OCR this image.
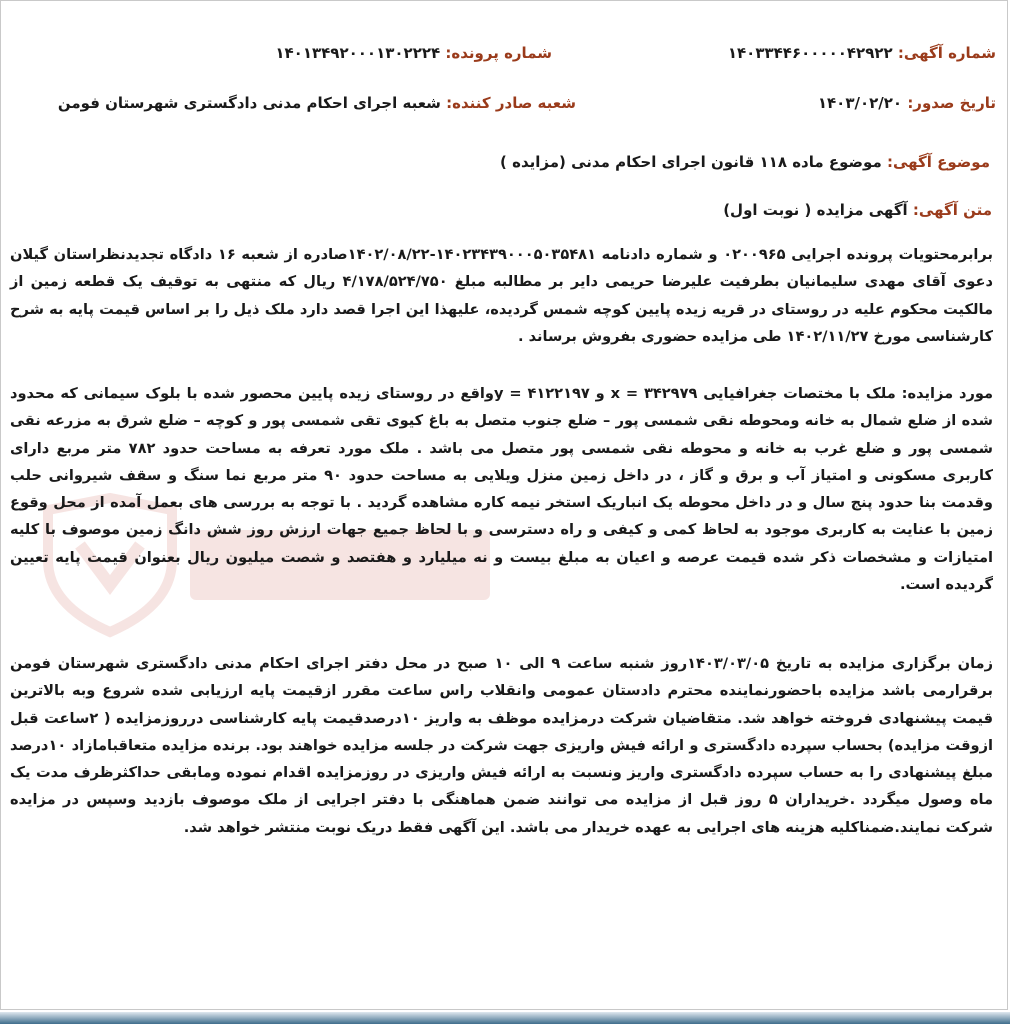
شماره آگهی: ۱۴۰۳۳۴۴۶۰۰۰۰۰۴۲۹۲۲
شماره پرونده: ۱۴۰۱۳۴۹۲۰۰۰۱۳۰۲۲۲۴
تاریخ صدور: ۱۴۰۳/۰۲/۲۰
شعبه صادر کننده: شعبه اجرای احکام مدنی دادگستری شهرستان فومن
موضوع آگهی: موضوع ماده ۱۱۸ قانون اجرای احکام مدنی (مزایده )
متن آگهی: آگهی مزایده ( نوبت اول)

برابرمحتویات پرونده اجرایی ۰۲۰۰۹۶۵ و شماره دادنامه ۱۴۰۲۳۴۳۹۰۰۰۵۰۳۵۴۸۱-۱۴۰۲/۰۸/۲۲صادره از شعبه ۱۶ دادگاه تجدیدنظراستان گیلان دعوی آقای مهدی سلیمانیان بطرفیت علیرضا حریمی دایر بر مطالبه مبلغ ۴/۱۷۸/۵۲۴/۷۵۰ ریال که منتهی به توقیف یک قطعه زمین از مالکیت محکوم علیه در روستای در قریه زیده پایین کوچه شمس گردیده، علیهذا این اجرا قصد دارد ملک ذیل را بر اساس قیمت پایه به شرح کارشناسی مورخ ۱۴۰۲/۱۱/۲۷ طی مزایده حضوری بفروش برساند .

مورد مزایده: ملک با مختصات جغرافیایی ۳۴۲۹۷۹ = x و ۴۱۲۲۱۹۷ = yواقع در روستای زیده پایین محصور شده با بلوک سیمانی که محدود شده از ضلع شمال به خانه ومحوطه نقی شمسی پور – ضلع جنوب متصل به باغ کیوی تقی شمسی پور و کوچه – ضلع شرق به مزرعه نقی شمسی پور و ضلع غرب به خانه و محوطه نقی شمسی پور متصل می باشد . ملک مورد تعرفه به مساحت حدود ۷۸۲ متر مربع دارای کاربری مسکونی و امتیاز آب و برق و گاز ، در داخل زمین منزل ویلایی به مساحت حدود ۹۰ متر مربع نما سنگ و سقف شیروانی حلب وقدمت بنا حدود پنج سال و در داخل محوطه یک انباریک استخر نیمه کاره مشاهده گردید . با توجه به بررسی های بعمل آمده از محل وقوع زمین با عنایت به کاربری موجود به لحاظ کمی و کیفی و راه دسترسی و با لحاظ جمیع جهات ارزش روز شش دانگ زمین موصوف با کلیه امتیازات و مشخصات ذکر شده قیمت عرصه و اعیان به مبلغ بیست و نه میلیارد و هفتصد و شصت میلیون ریال بعنوان قیمت پایه تعیین گردیده است.

زمان برگزاری مزایده به تاریخ ۱۴۰۳/۰۳/۰۵روز شنبه ساعت ۹ الی ۱۰ صبح در محل دفتر اجرای احکام مدنی دادگستری شهرستان فومن برقرارمی باشد مزایده باحضورنماینده محترم دادستان عمومی وانقلاب راس ساعت مقرر ازقیمت پایه ارزیابی شده شروع وبه بالاترین قیمت پیشنهادی فروخته خواهد شد. متقاضیان شرکت درمزایده موظف به واریز ۱۰درصدقیمت پایه کارشناسی درروزمزایده ( ۲ساعت قبل ازوقت مزایده) بحساب سپرده دادگستری و ارائه فیش واریزی جهت شرکت در جلسه مزایده خواهند بود. برنده مزایده متعاقبامازاد ۱۰درصد مبلغ پیشنهادی را به حساب سپرده دادگستری واریز ونسبت به ارائه فیش واریزی در روزمزایده اقدام نموده ومابقی حداکثرظرف مدت یک ماه وصول میگردد .خریداران ۵ روز قبل از مزایده می توانند ضمن هماهنگی با دفتر اجرایی از ملک موصوف بازدید وسپس در مزایده شرکت نمایند.ضمناکلیه هزینه های اجرایی به عهده خریدار می باشد. این آگهی فقط دریک نوبت منتشر خواهد شد.
